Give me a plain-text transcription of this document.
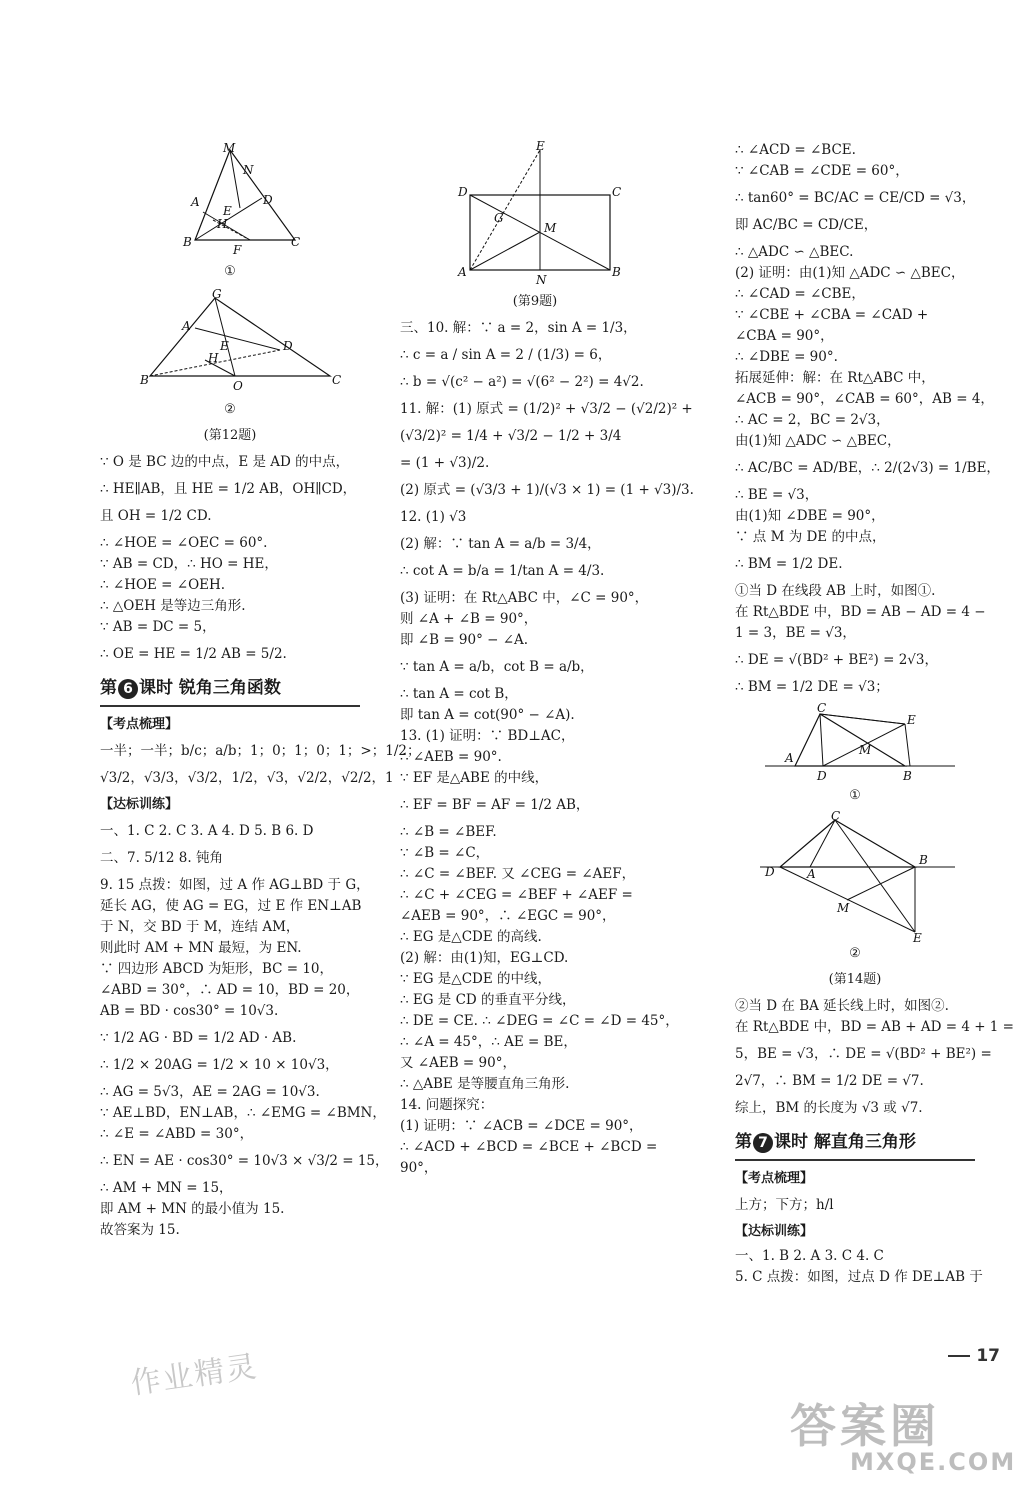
M
N
A	D
E
H
B
F
C
①
G
A
D
E
H
B	O	C
②
(第12题)
∵ O 是 BC 边的中点，E 是 AD 的中点，
∴ HE∥AB，且 HE = 1/2 AB，OH∥CD，
且 OH = 1/2 CD.
∴ ∠HOE = ∠OEC = 60°.
∵ AB = CD，∴ HO = HE，
∴ ∠HOE = ∠OEH.
∴ △OEH 是等边三角形.
∵ AB = DC = 5，
∴ OE = HE = 1/2 AB = 5/2.
第 6 课时 锐角三角函数
【考点梳理】
一半；一半；b/c；a/b；1；0；1；0；1；>；1/2；
√3/2，√3/3，√3/2，1/2，√3，√2/2，√2/2，1
【达标训练】
一、1. C 2. C 3. A 4. D 5. B 6. D
二、7. 5/12 8. 钝角
9. 15 点拨：如图，过 A 作 AG⊥BD 于 G，
延长 AG，使 AG = EG，过 E 作 EN⊥AB
于 N，交 BD 于 M，连结 AM，
则此时 AM + MN 最短，为 EN.
∵ 四边形 ABCD 为矩形，BC = 10，
∠ABD = 30°，∴ AD = 10，BD = 20，
AB = BD · cos30° = 10√3.
∵ 1/2 AG · BD = 1/2 AD · AB.
∴ 1/2 × 20AG = 1/2 × 10 × 10√3，
∴ AG = 5√3，AE = 2AG = 10√3.
∵ AE⊥BD，EN⊥AB，∴ ∠EMG = ∠BMN，
∴ ∠E = ∠ABD = 30°，
∴ EN = AE · cos30° = 10√3 × √3/2 = 15，
∴ AM + MN = 15，
即 AM + MN 的最小值为 15.
故答案为 15.
E
D	C
G
M
A
N
B
(第9题)
三、10. 解：∵ a = 2，sin A = 1/3，
∴ c = a / sin A = 2 / (1/3) = 6，
∴ b = √(c² − a²) = √(6² − 2²) = 4√2.
11. 解：(1) 原式 = (1/2)² + √3/2 − (√2/2)² +
(√3/2)² = 1/4 + √3/2 − 1/2 + 3/4
= (1 + √3)/2.
(2) 原式 = (√3/3 + 1)/(√3 × 1) = (1 + √3)/3.
12. (1) √3
(2) 解：∵ tan A = a/b = 3/4，
∴ cot A = b/a = 1/tan A = 4/3.
(3) 证明：在 Rt△ABC 中，∠C = 90°，
则 ∠A + ∠B = 90°，
即 ∠B = 90° − ∠A.
∵ tan A = a/b，cot B = a/b，
∴ tan A = cot B，
即 tan A = cot(90° − ∠A).
13. (1) 证明：∵ BD⊥AC，
∴ ∠AEB = 90°.
∵ EF 是△ABE 的中线，
∴ EF = BF = AF = 1/2 AB，
∴ ∠B = ∠BEF.
∵ ∠B = ∠C，
∴ ∠C = ∠BEF. 又 ∠CEG = ∠AEF，
∴ ∠C + ∠CEG = ∠BEF + ∠AEF =
∠AEB = 90°，∴ ∠EGC = 90°，
∴ EG 是△CDE 的高线.
(2) 解：由(1)知，EG⊥CD.
∵ EG 是△CDE 的中线，
∴ EG 是 CD 的垂直平分线，
∴ DE = CE. ∴ ∠DEG = ∠C = ∠D = 45°，
∴ ∠A = 45°，∴ AE = BE，
又 ∠AEB = 90°，
∴ △ABE 是等腰直角三角形.
14. 问题探究：
(1) 证明：∵ ∠ACB = ∠DCE = 90°，
∴ ∠ACD + ∠BCD = ∠BCE + ∠BCD =
90°，
∴ ∠ACD = ∠BCE.
∵ ∠CAB = ∠CDE = 60°，
∴ tan60° = BC/AC = CE/CD = √3，
即 AC/BC = CD/CE，
∴ △ADC ∽ △BEC.
(2) 证明：由(1)知 △ADC ∽ △BEC，
∴ ∠CAD = ∠CBE，
∵ ∠CBE + ∠CBA = ∠CAD +
∠CBA = 90°，
∴ ∠DBE = 90°.
拓展延伸：解：在 Rt△ABC 中，
∠ACB = 90°，∠CAB = 60°，AB = 4，
∴ AC = 2，BC = 2√3，
由(1)知 △ADC ∽ △BEC，
∴ AC/BC = AD/BE，∴ 2/(2√3) = 1/BE，
∴ BE = √3，
由(1)知 ∠DBE = 90°，
∵ 点 M 为 DE 的中点，
∴ BM = 1/2 DE.
①当 D 在线段 AB 上时，如图①.
在 Rt△BDE 中，BD = AB − AD = 4 −
1 = 3，BE = √3，
∴ DE = √(BD² + BE²) = 2√3，
∴ BM = 1/2 DE = √3；
C
E
A
M
D	B
①
C
B
D	A
M
E
②
(第14题)
②当 D 在 BA 延长线上时，如图②.
在 Rt△BDE 中，BD = AB + AD = 4 + 1 =
5，BE = √3，∴ DE = √(BD² + BE²) =
2√7，∴ BM = 1/2 DE = √7.
综上，BM 的长度为 √3 或 √7.
第 7 课时 解直角三角形
【考点梳理】
上方；下方；h/l
【达标训练】
一、1. B 2. A 3. C 4. C
5. C 点拨：如图，过点 D 作 DE⊥AB 于
17
作业精灵
答案圈
MXQE.COM
